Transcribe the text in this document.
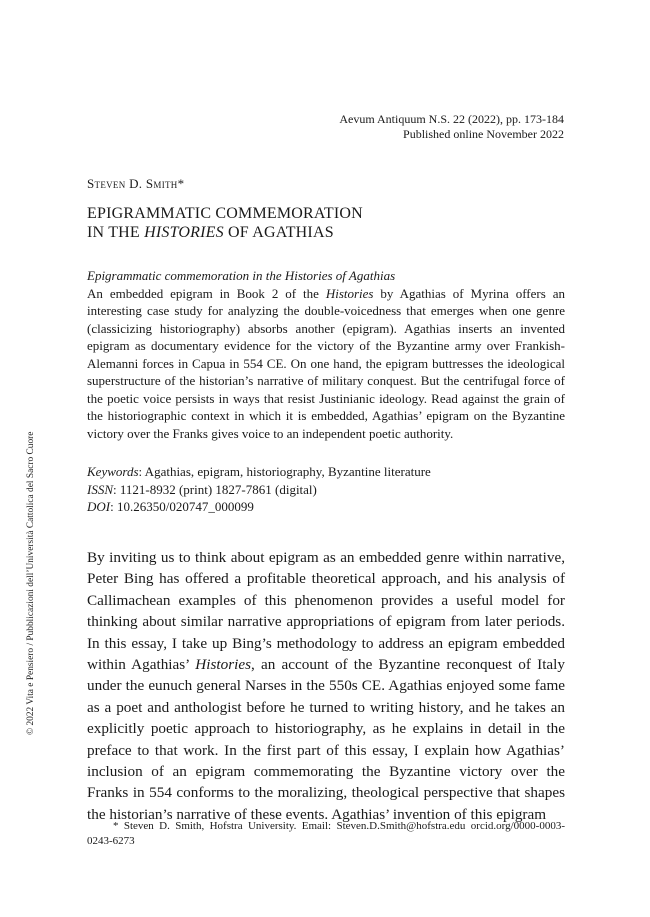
Aevum Antiquum N.S. 22 (2022), pp. 173-184
Published online November 2022
Steven D. Smith*
EPIGRAMMATIC COMMEMORATION
IN THE HISTORIES OF AGATHIAS
Epigrammatic commemoration in the Histories of Agathias
An embedded epigram in Book 2 of the Histories by Agathias of Myrina offers an interesting case study for analyzing the double-voicedness that emerges when one genre (classicizing historiography) absorbs another (epigram). Agathias inserts an invented epigram as documentary evidence for the victory of the Byzantine army over Frankish-Alemanni forces in Capua in 554 CE. On one hand, the epigram buttresses the ideological superstructure of the historian’s narrative of military conquest. But the centrifugal force of the poetic voice persists in ways that resist Justinianic ideology. Read against the grain of the historiographic context in which it is embedded, Agathias’ epigram on the Byzantine victory over the Franks gives voice to an independent poetic authority.
Keywords: Agathias, epigram, historiography, Byzantine literature
ISSN: 1121-8932 (print) 1827-7861 (digital)
DOI: 10.26350/020747_000099
By inviting us to think about epigram as an embedded genre within narrative, Peter Bing has offered a profitable theoretical approach, and his analysis of Callimachean examples of this phenomenon provides a useful model for thinking about similar narrative appropriations of epigram from later periods. In this essay, I take up Bing’s methodology to address an epigram embedded within Agathias’ Histories, an account of the Byzantine reconquest of Italy under the eunuch general Narses in the 550s CE. Agathias enjoyed some fame as a poet and anthologist before he turned to writing history, and he takes an explicitly poetic approach to historiography, as he explains in detail in the preface to that work. In the first part of this essay, I explain how Agathias’ inclusion of an epigram commemorating the Byzantine victory over the Franks in 554 conforms to the moralizing, theological perspective that shapes the historian’s narrative of these events. Agathias’ invention of this epigram
* Steven D. Smith, Hofstra University. Email: Steven.D.Smith@hofstra.edu orcid.org/0000-0003-0243-6273
© 2022 Vita e Pensiero / Pubblicazioni dell’Università Cattolica del Sacro Cuore
